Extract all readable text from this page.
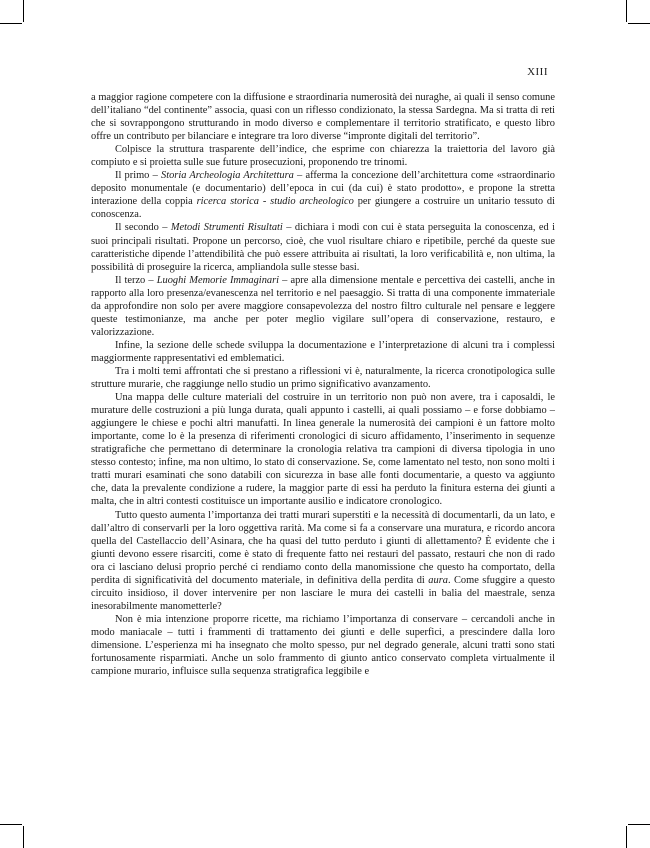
XIII

a maggior ragione competere con la diffusione e straordinaria numerosità dei nuraghe, ai quali il senso comune dell’italiano “del continente” associa, quasi con un riflesso condizionato, la stessa Sardegna. Ma si tratta di reti che si sovrappongono strutturando in modo diverso e complementare il territorio stratificato, e questo libro offre un contributo per bilanciare e integrare tra loro diverse “impronte digitali del territorio”.

Colpisce la struttura trasparente dell’indice, che esprime con chiarezza la traiettoria del lavoro già compiuto e si proietta sulle sue future prosecuzioni, proponendo tre trinomi.

Il primo – Storia Archeologia Architettura – afferma la concezione dell’architettura come «straordinario deposito monumentale (e documentario) dell’epoca in cui (da cui) è stato prodotto», e propone la stretta interazione della coppia ricerca storica - studio archeologico per giungere a costruire un unitario tessuto di conoscenza.

Il secondo – Metodi Strumenti Risultati – dichiara i modi con cui è stata perseguita la conoscenza, ed i suoi principali risultati. Propone un percorso, cioè, che vuol risultare chiaro e ripetibile, perché da queste sue caratteristiche dipende l’attendibilità che può essere attribuita ai risultati, la loro verificabilità e, non ultima, la possibilità di proseguire la ricerca, ampliandola sulle stesse basi.

Il terzo – Luoghi Memorie Immaginari – apre alla dimensione mentale e percettiva dei castelli, anche in rapporto alla loro presenza/evanescenza nel territorio e nel paesaggio. Si tratta di una componente immateriale da approfondire non solo per avere maggiore consapevolezza del nostro filtro culturale nel pensare e leggere queste testimonianze, ma anche per poter meglio vigilare sull’opera di conservazione, restauro, e valorizzazione.

Infine, la sezione delle schede sviluppa la documentazione e l’interpretazione di alcuni tra i complessi maggiormente rappresentativi ed emblematici.

Tra i molti temi affrontati che si prestano a riflessioni vi è, naturalmente, la ricerca cronotipologica sulle strutture murarie, che raggiunge nello studio un primo significativo avanzamento.

Una mappa delle culture materiali del costruire in un territorio non può non avere, tra i caposaldi, le murature delle costruzioni a più lunga durata, quali appunto i castelli, ai quali possiamo – e forse dobbiamo – aggiungere le chiese e pochi altri manufatti. In linea generale la numerosità dei campioni è un fattore molto importante, come lo è la presenza di riferimenti cronologici di sicuro affidamento, l’inserimento in sequenze stratigrafiche che permettano di determinare la cronologia relativa tra campioni di diversa tipologia in uno stesso contesto; infine, ma non ultimo, lo stato di conservazione. Se, come lamentato nel testo, non sono molti i tratti murari esaminati che sono databili con sicurezza in base alle fonti documentarie, a questo va aggiunto che, data la prevalente condizione a rudere, la maggior parte di essi ha perduto la finitura esterna dei giunti a malta, che in altri contesti costituisce un importante ausilio e indicatore cronologico.

Tutto questo aumenta l’importanza dei tratti murari superstiti e la necessità di documentarli, da un lato, e dall’altro di conservarli per la loro oggettiva rarità. Ma come si fa a conservare una muratura, e ricordo ancora quella del Castellaccio dell’Asinara, che ha quasi del tutto perduto i giunti di allettamento? È evidente che i giunti devono essere risarciti, come è stato di frequente fatto nei restauri del passato, restauri che non di rado ora ci lasciano delusi proprio perché ci rendiamo conto della manomissione che questo ha comportato, della perdita di significatività del documento materiale, in definitiva della perdita di aura. Come sfuggire a questo circuito insidioso, il dover intervenire per non lasciare le mura dei castelli in balia del maestrale, senza inesorabilmente manometterle?

Non è mia intenzione proporre ricette, ma richiamo l’importanza di conservare – cercandoli anche in modo maniacale – tutti i frammenti di trattamento dei giunti e delle superfici, a prescindere dalla loro dimensione. L’esperienza mi ha insegnato che molto spesso, pur nel degrado generale, alcuni tratti sono stati fortunosamente risparmiati. Anche un solo frammento di giunto antico conservato completa virtualmente il campione murario, influisce sulla sequenza stratigrafica leggibile e
